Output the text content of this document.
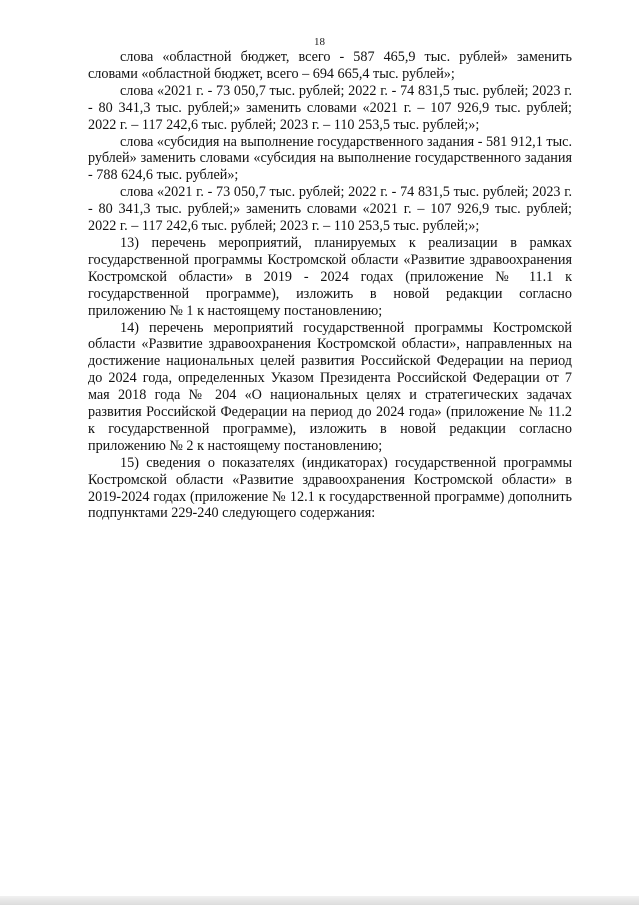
18

слова «областной бюджет, всего - 587 465,9 тыс. рублей» заменить словами «областной бюджет, всего – 694 665,4 тыс. рублей»;

слова «2021 г. - 73 050,7 тыс. рублей; 2022 г. - 74 831,5 тыс. рублей; 2023 г. - 80 341,3 тыс. рублей;» заменить словами «2021 г. – 107 926,9 тыс. рублей; 2022 г. – 117 242,6 тыс. рублей; 2023 г. – 110 253,5 тыс. рублей;»;

слова «субсидия на выполнение государственного задания - 581 912,1 тыс. рублей» заменить словами «субсидия на выполнение государственного задания - 788 624,6 тыс. рублей»;

слова «2021 г. - 73 050,7 тыс. рублей; 2022 г. - 74 831,5 тыс. рублей; 2023 г. - 80 341,3 тыс. рублей;» заменить словами «2021 г. – 107 926,9 тыс. рублей; 2022 г. – 117 242,6 тыс. рублей; 2023 г. – 110 253,5 тыс. рублей;»;

13) перечень мероприятий, планируемых к реализации в рамках государственной программы Костромской области «Развитие здравоохранения Костромской области» в 2019 - 2024 годах (приложение № 11.1 к государственной программе), изложить в новой редакции согласно приложению № 1 к настоящему постановлению;

14) перечень мероприятий государственной программы Костромской области «Развитие здравоохранения Костромской области», направленных на достижение национальных целей развития Российской Федерации на период до 2024 года, определенных Указом Президента Российской Федерации от 7 мая 2018 года № 204 «О национальных целях и стратегических задачах развития Российской Федерации на период до 2024 года» (приложение № 11.2 к государственной программе), изложить в новой редакции согласно приложению № 2 к настоящему постановлению;

15) сведения о показателях (индикаторах) государственной программы Костромской области «Развитие здравоохранения Костромской области» в 2019-2024 годах (приложение № 12.1 к государственной программе) дополнить подпунктами 229-240 следующего содержания:
